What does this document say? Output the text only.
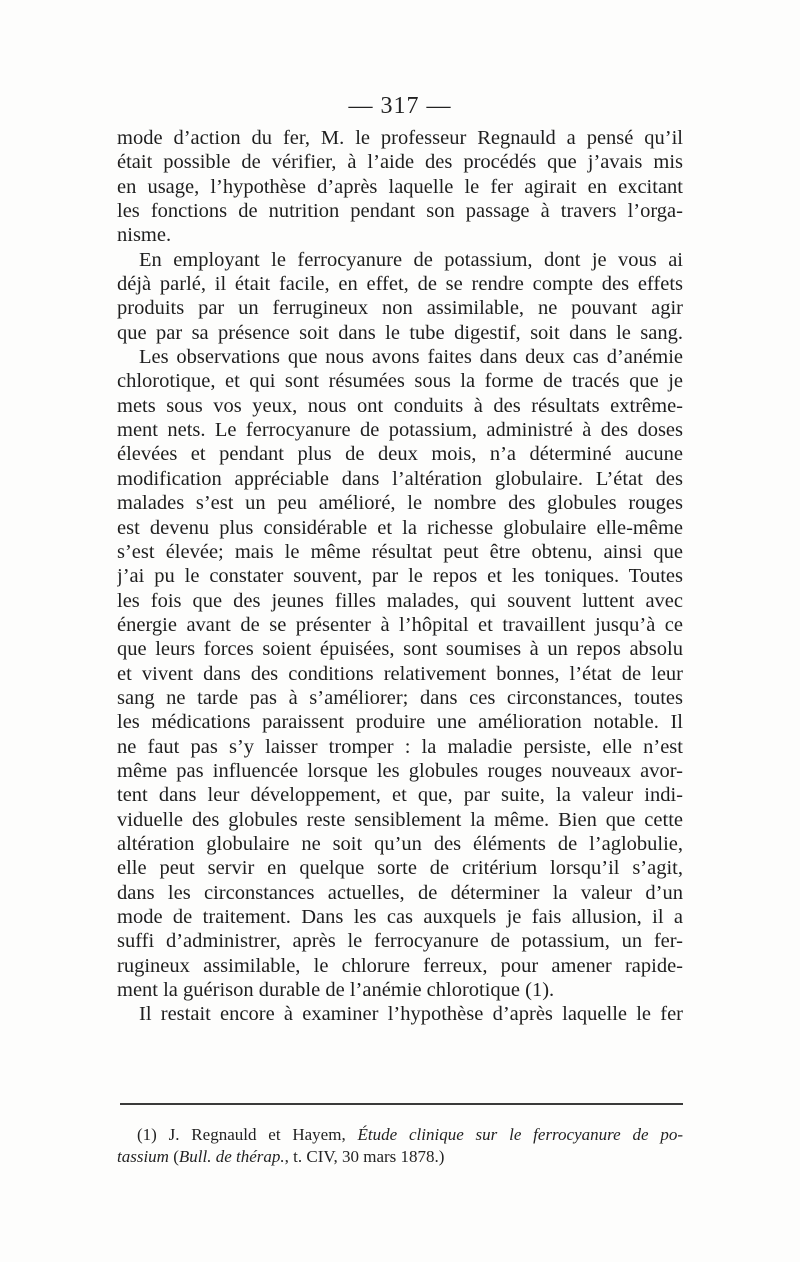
— 317 —
mode d’action du fer, M. le professeur Regnauld a pensé qu’il
était possible de vérifier, à l’aide des procédés que j’avais mis
en usage, l’hypothèse d’après laquelle le fer agirait en excitant
les fonctions de nutrition pendant son passage à travers l’orga-
nisme.
En employant le ferrocyanure de potassium, dont je vous ai
déjà parlé, il était facile, en effet, de se rendre compte des effets
produits par un ferrugineux non assimilable, ne pouvant agir
que par sa présence soit dans le tube digestif, soit dans le sang.
Les observations que nous avons faites dans deux cas d’anémie
chlorotique, et qui sont résumées sous la forme de tracés que je
mets sous vos yeux, nous ont conduits à des résultats extrême-
ment nets. Le ferrocyanure de potassium, administré à des doses
élevées et pendant plus de deux mois, n’a déterminé aucune
modification appréciable dans l’altération globulaire. L’état des
malades s’est un peu amélioré, le nombre des globules rouges
est devenu plus considérable et la richesse globulaire elle-même
s’est élevée; mais le même résultat peut être obtenu, ainsi que
j’ai pu le constater souvent, par le repos et les toniques. Toutes
les fois que des jeunes filles malades, qui souvent luttent avec
énergie avant de se présenter à l’hôpital et travaillent jusqu’à ce
que leurs forces soient épuisées, sont soumises à un repos absolu
et vivent dans des conditions relativement bonnes, l’état de leur
sang ne tarde pas à s’améliorer; dans ces circonstances, toutes
les médications paraissent produire une amélioration notable. Il
ne faut pas s’y laisser tromper : la maladie persiste, elle n’est
même pas influencée lorsque les globules rouges nouveaux avor-
tent dans leur développement, et que, par suite, la valeur indi-
viduelle des globules reste sensiblement la même. Bien que cette
altération globulaire ne soit qu’un des éléments de l’aglobulie,
elle peut servir en quelque sorte de critérium lorsqu’il s’agit,
dans les circonstances actuelles, de déterminer la valeur d’un
mode de traitement. Dans les cas auxquels je fais allusion, il a
suffi d’administrer, après le ferrocyanure de potassium, un fer-
rugineux assimilable, le chlorure ferreux, pour amener rapide-
ment la guérison durable de l’anémie chlorotique (1).
Il restait encore à examiner l’hypothèse d’après laquelle le fer
(1) J. Regnauld et Hayem, Étude clinique sur le ferrocyanure de po-
tassium (Bull. de thérap., t. CIV, 30 mars 1878.)
